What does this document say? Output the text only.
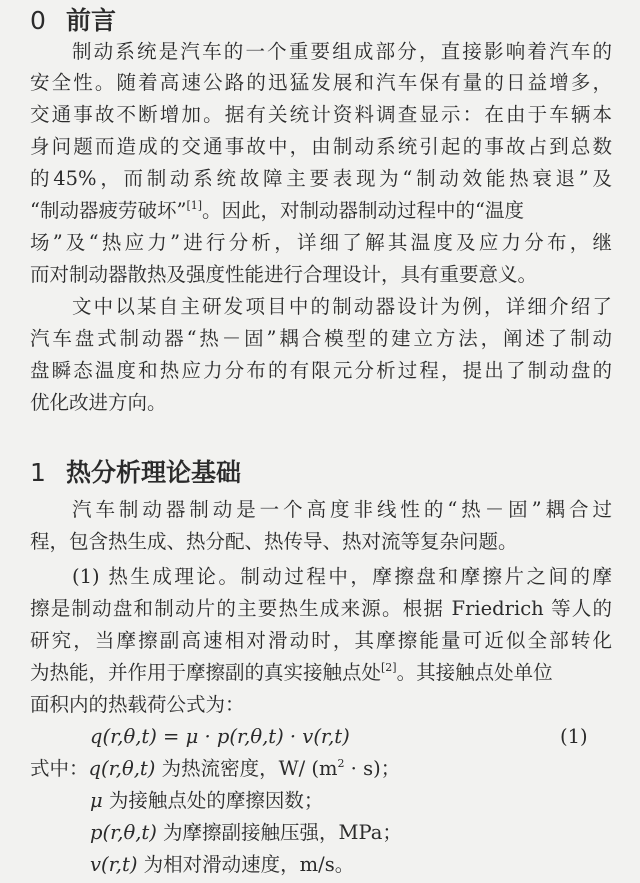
0 前言
制动系统是汽车的一个重要组成部分，直接影响着汽车的
安全性。随着高速公路的迅猛发展和汽车保有量的日益增多，
交通事故不断增加。据有关统计资料调查显示：在由于车辆本
身问题而造成的交通事故中，由制动系统引起的事故占到总数
的45%，而制动系统故障主要表现为“制动效能热衰退”及
“制动器疲劳破坏”[1]。因此，对制动器制动过程中的“温度
场”及“热应力”进行分析，详细了解其温度及应力分布，继
而对制动器散热及强度性能进行合理设计，具有重要意义。
文中以某自主研发项目中的制动器设计为例，详细介绍了
汽车盘式制动器“热－固”耦合模型的建立方法，阐述了制动
盘瞬态温度和热应力分布的有限元分析过程，提出了制动盘的
优化改进方向。
1 热分析理论基础
汽车制动器制动是一个高度非线性的“热－固”耦合过
程，包含热生成、热分配、热传导、热对流等复杂问题。
(1) 热生成理论。制动过程中，摩擦盘和摩擦片之间的摩
擦是制动盘和制动片的主要热生成来源。根据 Friedrich 等人的
研究，当摩擦副高速相对滑动时，其摩擦能量可近似全部转化
为热能，并作用于摩擦副的真实接触点处[2]。其接触点处单位
面积内的热载荷公式为：
q(r,θ,t) = μ · p(r,θ,t) · v(r,t)	(1)
式中：q(r,θ,t) 为热流密度，W/ $(m^2 \cdot s)$；
μ 为接触点处的摩擦因数；
p(r,θ,t) 为摩擦副接触压强，MPa；
v(r,t) 为相对滑动速度，m/s。
